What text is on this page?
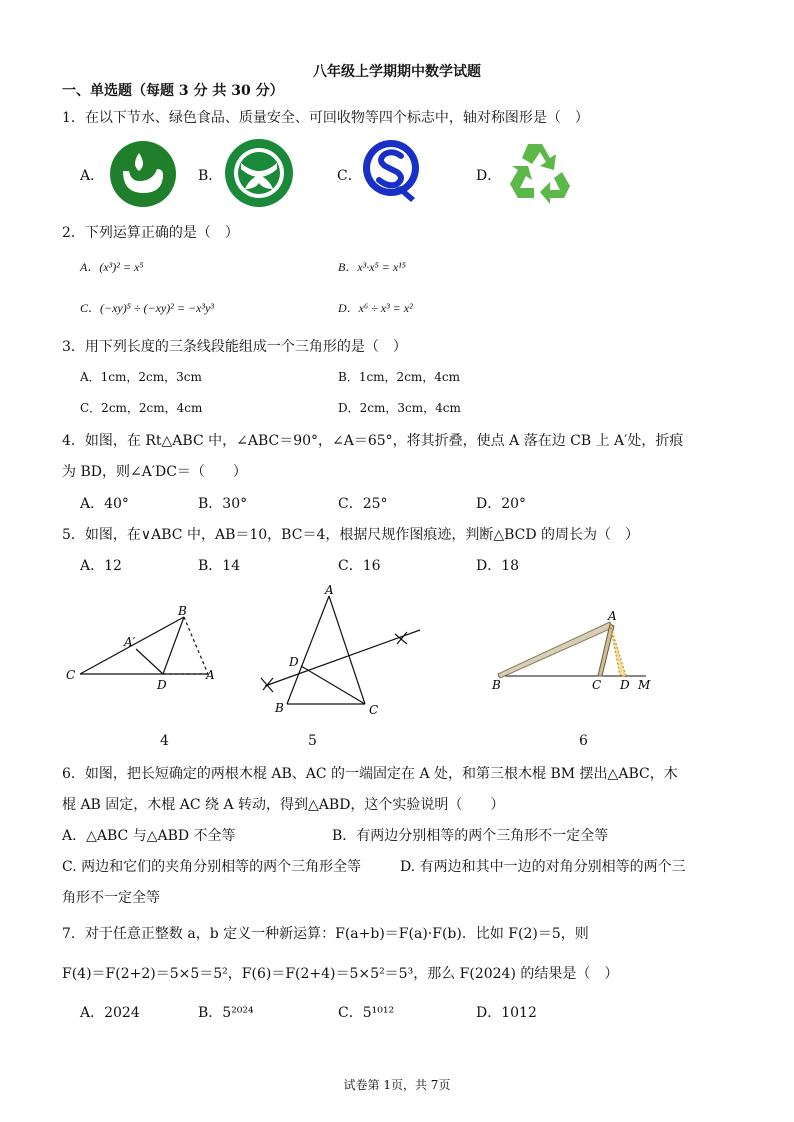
八年级上学期期中数学试题
一、单选题（每题 3 分 共 30 分）
1．在以下节水、绿色食品、质量安全、可回收物等四个标志中，轴对称图形是（　）
A．	B．	C．	D．
2．下列运算正确的是（　）
A．(x³)² = x⁵	B．x³·x⁵ = x¹⁵
C．(−xy)⁵ ÷ (−xy)² = −x³y³	D．x⁶ ÷ x³ = x²
3．用下列长度的三条线段能组成一个三角形的是（　）
A．1cm，2cm，3cm	B．1cm，2cm，4cm
C．2cm，2cm，4cm	D．2cm，3cm，4cm
4．如图，在 Rt△ABC 中，∠ABC＝90°，∠A＝65°，将其折叠，使点 A 落在边 CB 上 A′处，折痕
为 BD，则∠A′DC＝（　　）
A．40°	B．30°	C．25°	D．20°
5．如图，在∨ABC 中，AB＝10，BC＝4，根据尺规作图痕迹，判断△BCD 的周长为（　）
A．12	B．14	C．16	D．18
C
D
A
A′
B
4
A
B	C
D
5
A
B	C D M
6
6．如图，把长短确定的两根木棍 AB、AC 的一端固定在 A 处，和第三根木棍 BM 摆出△ABC，木
棍 AB 固定，木棍 AC 绕 A 转动，得到△ABD，这个实验说明（　　）
A．△ABC 与△ABD 不全等	B．有两边分别相等的两个三角形不一定全等
C. 两边和它们的夹角分别相等的两个三角形全等	D. 有两边和其中一边的对角分别相等的两个三
角形不一定全等
7．对于任意正整数 a，b 定义一种新运算：F(a+b)＝F(a)·F(b)．比如 F(2)＝5，则
F(4)＝F(2+2)＝5×5＝5²，F(6)＝F(2+4)＝5×5²＝5³，那么 F(2024) 的结果是（　）
A．2024	B．5²⁰²⁴	C．5¹⁰¹²	D．1012
试卷第 1页，共 7页
